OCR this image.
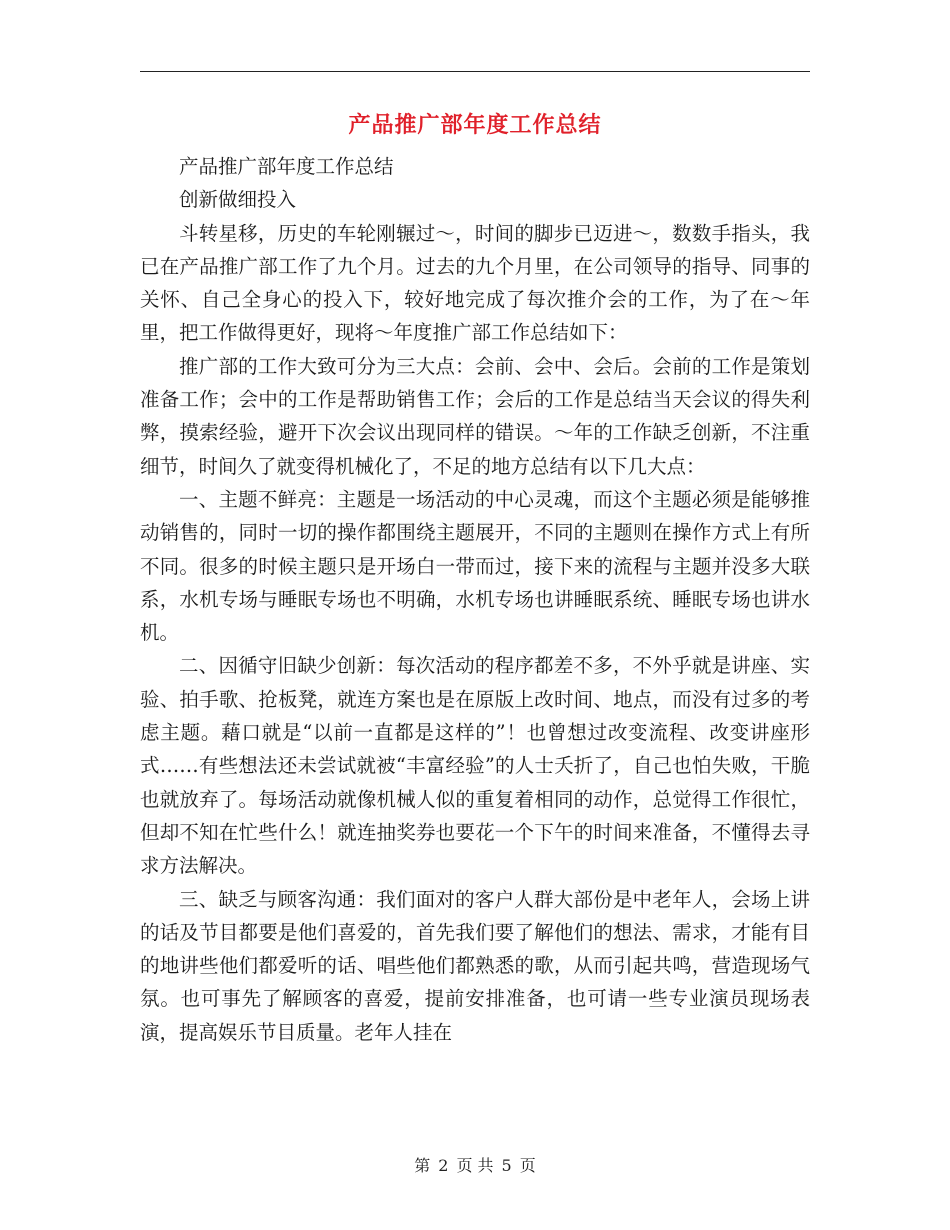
产品推广部年度工作总结

产品推广部年度工作总结

创新做细投入

斗转星移，历史的车轮刚辗过～，时间的脚步已迈进～，数数手指头，我已在产品推广部工作了九个月。过去的九个月里，在公司领导的指导、同事的关怀、自己全身心的投入下，较好地完成了每次推介会的工作，为了在～年里，把工作做得更好，现将～年度推广部工作总结如下：

推广部的工作大致可分为三大点：会前、会中、会后。会前的工作是策划准备工作；会中的工作是帮助销售工作；会后的工作是总结当天会议的得失利弊，摸索经验，避开下次会议出现同样的错误。～年的工作缺乏创新，不注重细节，时间久了就变得机械化了，不足的地方总结有以下几大点：

一、主题不鲜亮：主题是一场活动的中心灵魂，而这个主题必须是能够推动销售的，同时一切的操作都围绕主题展开，不同的主题则在操作方式上有所不同。很多的时候主题只是开场白一带而过，接下来的流程与主题并没多大联系，水机专场与睡眠专场也不明确，水机专场也讲睡眠系统、睡眠专场也讲水机。

二、因循守旧缺少创新：每次活动的程序都差不多，不外乎就是讲座、实验、拍手歌、抢板凳，就连方案也是在原版上改时间、地点，而没有过多的考虑主题。藉口就是“以前一直都是这样的”！也曾想过改变流程、改变讲座形式……有些想法还未尝试就被“丰富经验”的人士夭折了，自己也怕失败，干脆也就放弃了。每场活动就像机械人似的重复着相同的动作，总觉得工作很忙，但却不知在忙些什么！就连抽奖券也要花一个下午的时间来准备，不懂得去寻求方法解决。

三、缺乏与顾客沟通：我们面对的客户人群大部份是中老年人，会场上讲的话及节目都要是他们喜爱的，首先我们要了解他们的想法、需求，才能有目的地讲些他们都爱听的话、唱些他们都熟悉的歌，从而引起共鸣，营造现场气氛。也可事先了解顾客的喜爱，提前安排准备，也可请一些专业演员现场表演，提高娱乐节目质量。老年人挂在

第 2 页 共 5 页
